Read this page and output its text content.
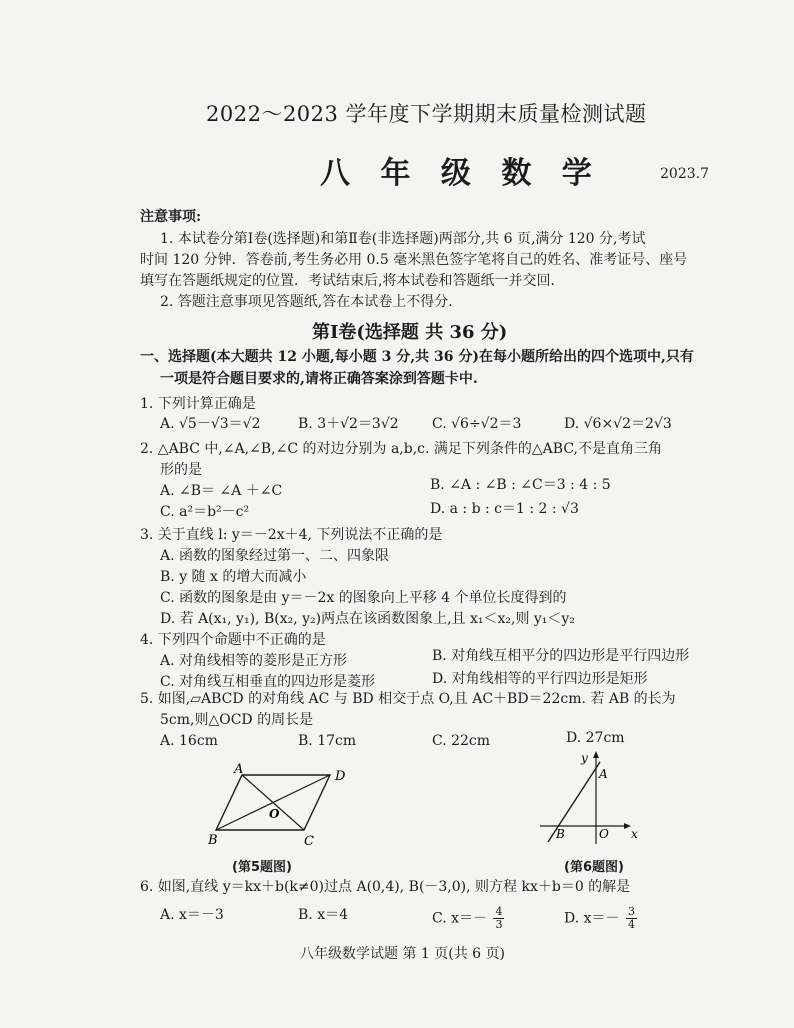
2022～2023 学年度下学期期末质量检测试题
八 年 级 数 学	2023.7
注意事项:
1. 本试卷分第Ⅰ卷(选择题)和第Ⅱ卷(非选择题)两部分,共 6 页,满分 120 分,考试
时间 120 分钟．答卷前,考生务必用 0.5 毫米黑色签字笔将自己的姓名、准考证号、座号
填写在答题纸规定的位置．考试结束后,将本试卷和答题纸一并交回．
2. 答题注意事项见答题纸,答在本试卷上不得分．
第Ⅰ卷(选择题 共 36 分)
一、选择题(本大题共 12 小题,每小题 3 分,共 36 分)在每小题所给出的四个选项中,只有
一项是符合题目要求的,请将正确答案涂到答题卡中.
1. 下列计算正确是
A. √5－√3＝√2	B. 3＋√2＝3√2 C. √6÷√2＝3	D. √6×√2＝2√3
2. △ABC 中,∠A,∠B,∠C 的对边分别为 a,b,c. 满足下列条件的△ABC,不是直角三角
形的是
A. ∠B＝ ∠A ＋∠C	B. ∠A : ∠B : ∠C＝3 : 4 : 5
C. a²＝b²－c²	D. a : b : c＝1 : 2 : √3
3. 关于直线 l: y＝－2x＋4, 下列说法不正确的是
A. 函数的图象经过第一、二、四象限
B. y 随 x 的增大而减小
C. 函数的图象是由 y＝－2x 的图象向上平移 4 个单位长度得到的
D. 若 A(x₁, y₁), B(x₂, y₂)两点在该函数图象上,且 x₁＜x₂,则 y₁＜y₂
4. 下列四个命题中不正确的是
A. 对角线相等的菱形是正方形	B. 对角线互相平分的四边形是平行四边形
C. 对角线互相垂直的四边形是菱形	D. 对角线相等的平行四边形是矩形
5. 如图,▱ABCD 的对角线 AC 与 BD 相交于点 O,且 AC＋BD＝22cm. 若 AB 的长为
5cm,则△OCD 的周长是
A. 16cm	B. 17cm	C. 22cm	D. 27cm
A	D
B	C
O
(第5题图)
y
x
A
B	O
(第6题图)
6. 如图,直线 y＝kx＋b(k≠0)过点 A(0,4), B(－3,0), 则方程 kx＋b＝0 的解是
A. x＝－3	B. x＝4	C. $x=- \frac{4}{3}$	D. $x=- \frac{3}{4}$
八年级数学试题 第 1 页(共 6 页)
